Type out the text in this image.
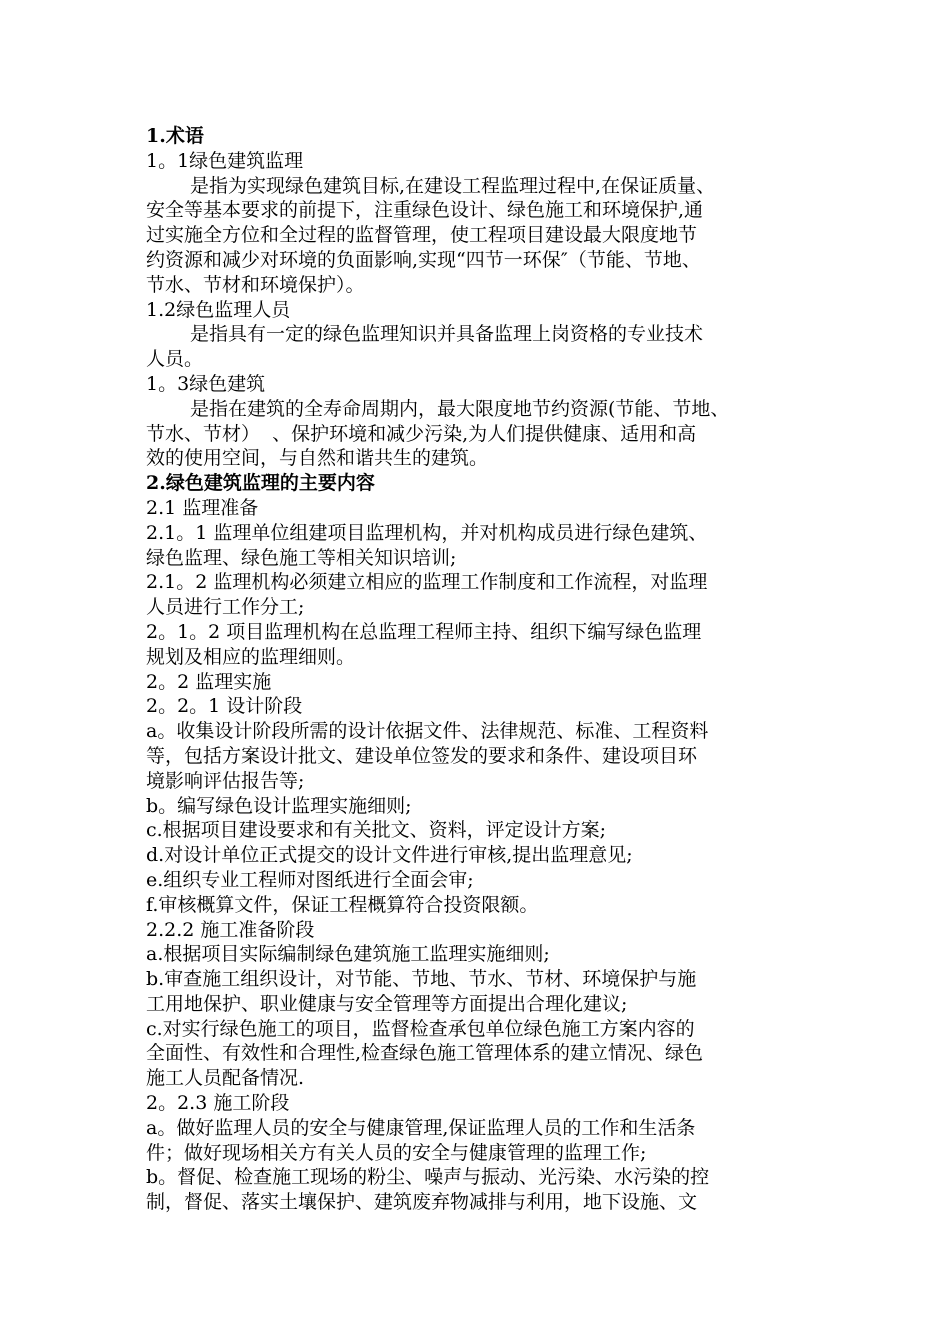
1.术语
1。1绿色建筑监理
是指为实现绿色建筑目标,在建设工程监理过程中,在保证质量、
安全等基本要求的前提下，注重绿色设计、绿色施工和环境保护,通
过实施全方位和全过程的监督管理，使工程项目建设最大限度地节
约资源和减少对环境的负面影响,实现“四节一环保″（节能、节地、
节水、节材和环境保护）。
1.2绿色监理人员
是指具有一定的绿色监理知识并具备监理上岗资格的专业技术
人员。
1。3绿色建筑
是指在建筑的全寿命周期内，最大限度地节约资源(节能、节地、
节水、节材）  、保护环境和减少污染,为人们提供健康、适用和高
效的使用空间，与自然和谐共生的建筑。
2.绿色建筑监理的主要内容
2.1 监理准备
2.1。1 监理单位组建项目监理机构，并对机构成员进行绿色建筑、
绿色监理、绿色施工等相关知识培训;
2.1。2 监理机构必须建立相应的监理工作制度和工作流程，对监理
人员进行工作分工;
2。1。2 项目监理机构在总监理工程师主持、组织下编写绿色监理
规划及相应的监理细则。
2。2 监理实施
2。2。1 设计阶段
a。收集设计阶段所需的设计依据文件、法律规范、标准、工程资料
等，包括方案设计批文、建设单位签发的要求和条件、建设项目环
境影响评估报告等;
b。编写绿色设计监理实施细则;
c.根据项目建设要求和有关批文、资料，评定设计方案;
d.对设计单位正式提交的设计文件进行审核,提出监理意见;
e.组织专业工程师对图纸进行全面会审;
f.审核概算文件，保证工程概算符合投资限额。
2.2.2 施工准备阶段
a.根据项目实际编制绿色建筑施工监理实施细则;
b.审查施工组织设计，对节能、节地、节水、节材、环境保护与施
工用地保护、职业健康与安全管理等方面提出合理化建议;
c.对实行绿色施工的项目，监督检查承包单位绿色施工方案内容的
全面性、有效性和合理性,检查绿色施工管理体系的建立情况、绿色
施工人员配备情况.
2。2.3 施工阶段
a。做好监理人员的安全与健康管理,保证监理人员的工作和生活条
件；做好现场相关方有关人员的安全与健康管理的监理工作;
b。督促、检查施工现场的粉尘、噪声与振动、光污染、水污染的控
制，督促、落实土壤保护、建筑废弃物减排与利用，地下设施、文
